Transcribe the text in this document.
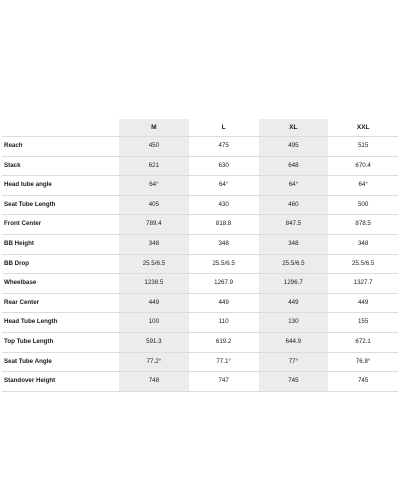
	M	L	XL	XXL
Reach	450	475	495	515
Stack	621	630	648	670.4
Head tube angle	64°	64°	64°	64°
Seat Tube Length	405	430	460	500
Front Center	789.4	818.8	847.5	878.5
BB Height	348	348	348	348
BB Drop	25.5/6.5	25.5/6.5	25.5/6.5	25.5/6.5
Wheelbase	1238.5	1267.9	1296.7	1327.7
Rear Center	449	449	449	449
Head Tube Length	100	110	130	155
Top Tube Length	591.3	619.2	644.9	672.1
Seat Tube Angle	77.2°	77.1°	77°	76.8°
Standover Height	748	747	745	745
